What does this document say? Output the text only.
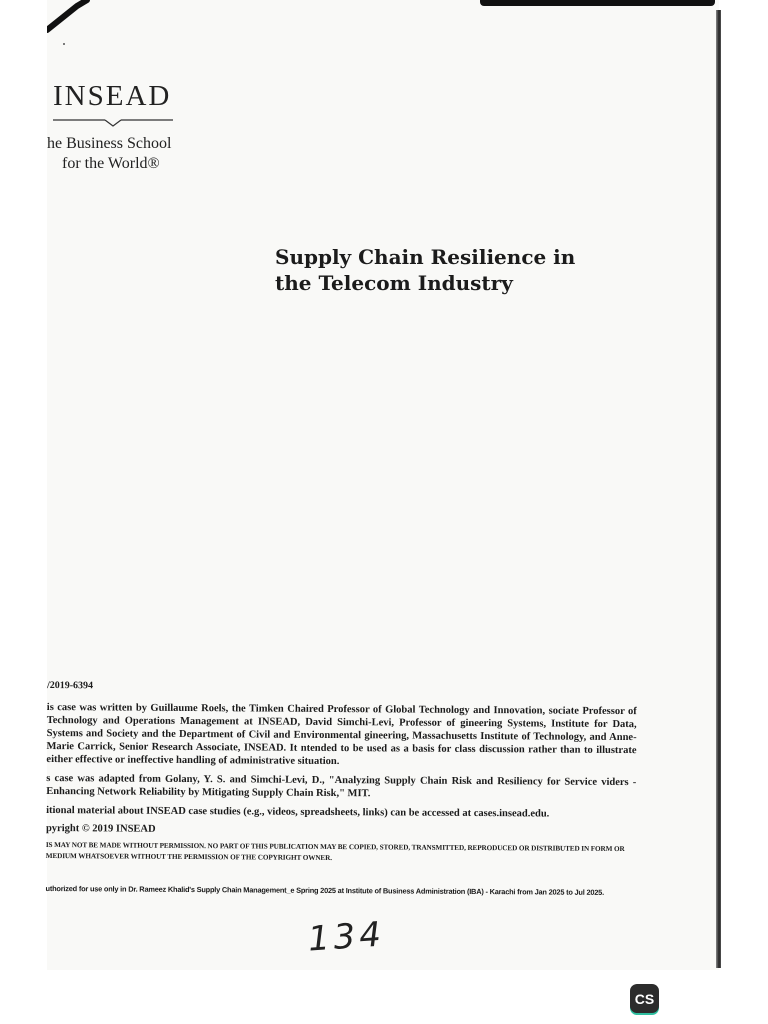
INSEAD
he Business School
for the World®
Supply Chain Resilience in
the Telecom Industry
/2019-6394

is case was written by Guillaume Roels, the Timken Chaired Professor of Global Technology and Innovation, sociate Professor of Technology and Operations Management at INSEAD, David Simchi-Levi, Professor of gineering Systems, Institute for Data, Systems and Society and the Department of Civil and Environmental gineering, Massachusetts Institute of Technology, and Anne-Marie Carrick, Senior Research Associate, INSEAD. It ntended to be used as a basis for class discussion rather than to illustrate either effective or ineffective handling of administrative situation.

s case was adapted from Golany, Y. S. and Simchi-Levi, D., "Analyzing Supply Chain Risk and Resiliency for Service viders - Enhancing Network Reliability by Mitigating Supply Chain Risk," MIT.

itional material about INSEAD case studies (e.g., videos, spreadsheets, links) can be accessed at cases.insead.edu.

pyright © 2019 INSEAD
IS MAY NOT BE MADE WITHOUT PERMISSION. NO PART OF THIS PUBLICATION MAY BE COPIED, STORED, TRANSMITTED, REPRODUCED OR DISTRIBUTED IN FORM OR MEDIUM WHATSOEVER WITHOUT THE PERMISSION OF THE COPYRIGHT OWNER.
uthorized for use only in Dr. Rameez Khalid's Supply Chain Management_e Spring 2025 at Institute of Business Administration (IBA) - Karachi from Jan 2025 to Jul 2025.
134
CS
